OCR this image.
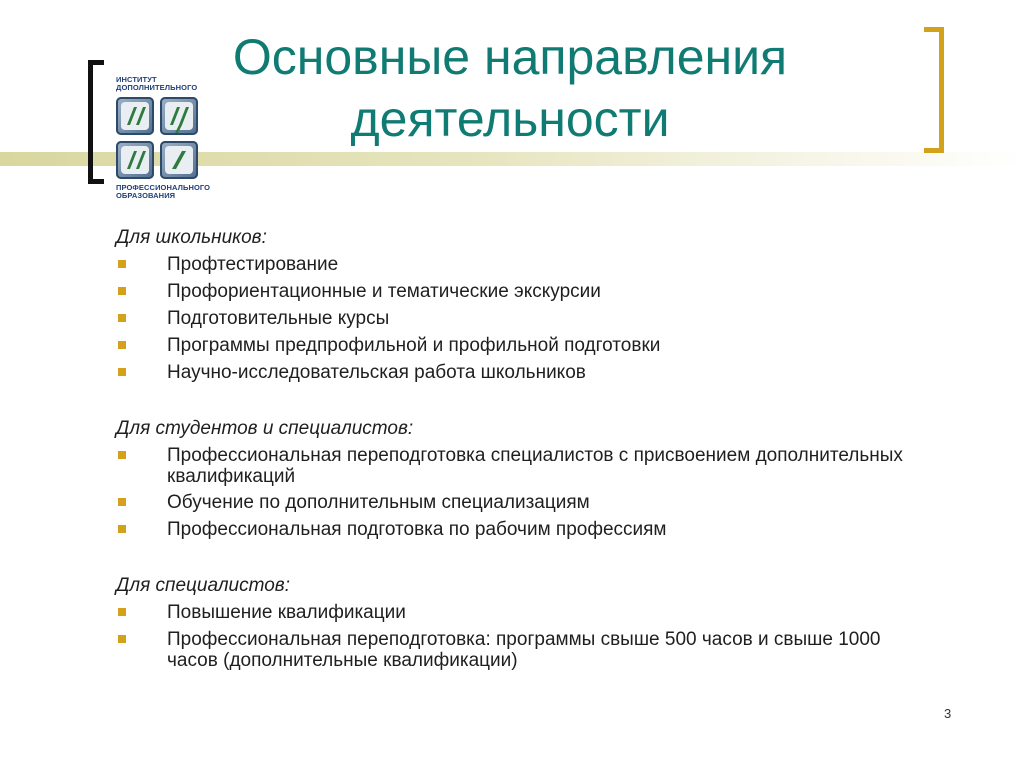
Основные направления
деятельности
ИНСТИТУТ
ДОПОЛНИТЕЛЬНОГО
ПРОФЕССИОНАЛЬНОГО
ОБРАЗОВАНИЯ
Для школьников:
Профтестирование
Профориентационные и тематические экскурсии
Подготовительные курсы
Программы предпрофильной и профильной подготовки
Научно-исследовательская работа школьников
Для студентов и специалистов:
Профессиональная переподготовка специалистов с присвоением дополнительных квалификаций
Обучение по дополнительным специализациям
Профессиональная подготовка по рабочим профессиям
Для специалистов:
Повышение квалификации
Профессиональная переподготовка: программы свыше 500 часов и свыше 1000 часов (дополнительные квалификации)
3
